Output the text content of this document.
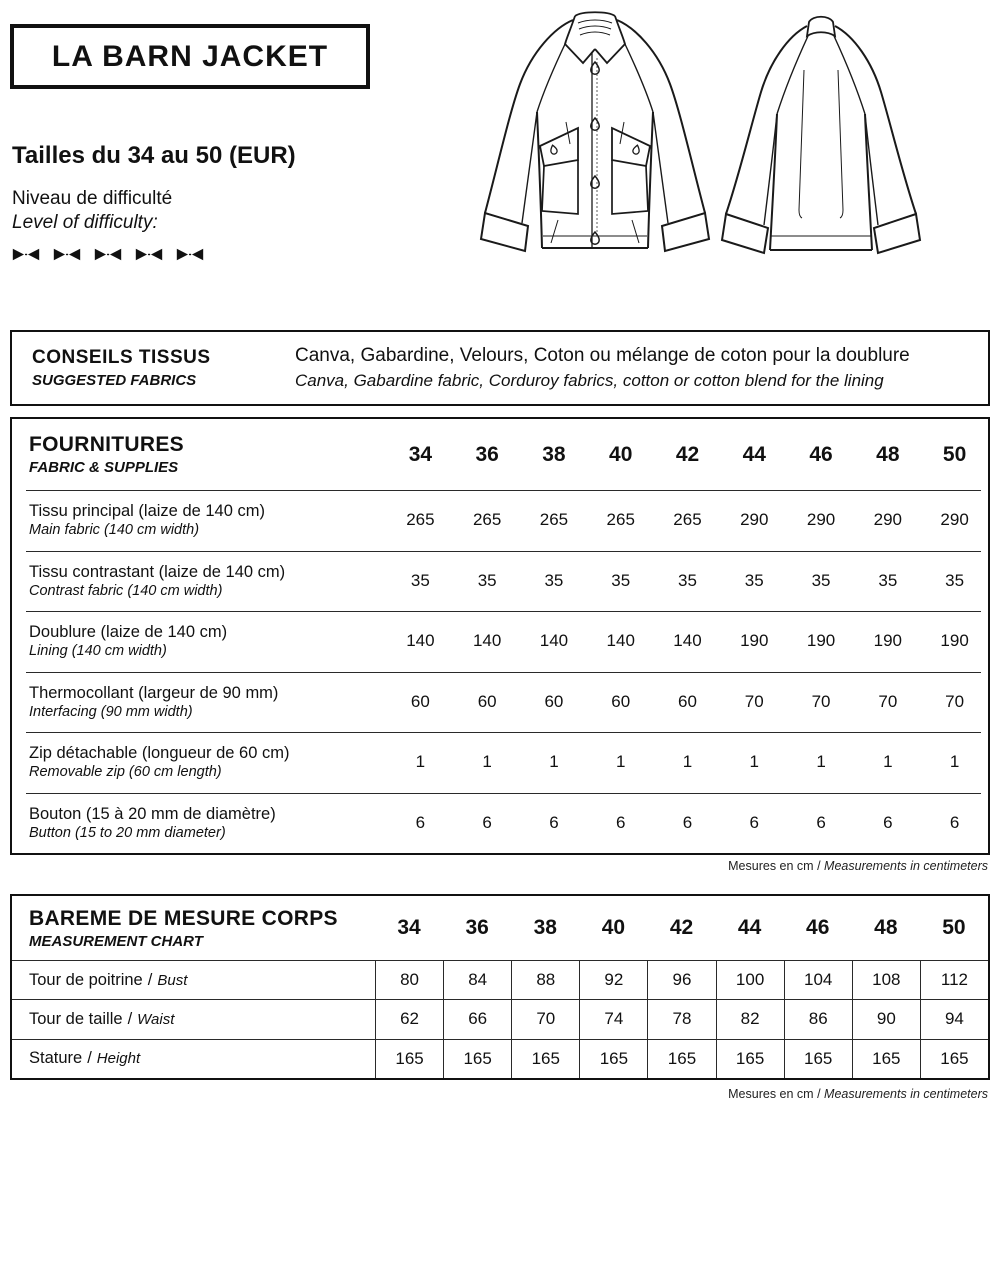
LA BARN JACKET
Tailles du 34 au 50 (EUR)
Niveau de difficulté
Level of difficulty:
CONSEILS TISSUS
SUGGESTED FABRICS
Canva, Gabardine, Velours, Coton ou mélange de coton pour la doublure
Canva, Gabardine fabric, Corduroy fabrics, cotton or cotton blend for the lining
FOURNITURES
FABRIC & SUPPLIES
34	36	38	40	42	44	46	48	50
Tissu principal (laize de 140 cm)
Main fabric (140 cm width)
265	265	265	265	265	290	290	290	290
Tissu contrastant (laize de 140 cm)
Contrast fabric (140 cm width)
35	35	35	35	35	35	35	35	35
Doublure (laize de 140 cm)
Lining (140 cm width)
140	140	140	140	140	190	190	190	190
Thermocollant (largeur de 90 mm)
Interfacing (90 mm width)
60	60	60	60	60	70	70	70	70
Zip détachable (longueur de 60 cm)
Removable zip (60 cm length)
1	1	1	1	1	1	1	1	1
Bouton (15 à 20 mm de diamètre)
Button (15 to 20 mm diameter)
6	6	6	6	6	6	6	6	6
Mesures en cm / Measurements in centimeters
BAREME DE MESURE CORPS
MEASUREMENT CHART
34	36	38	40	42	44	46	48	50
Tour de poitrine / Bust	80	84	88	92	96	100	104	108	112
Tour de taille / Waist	62	66	70	74	78	82	86	90	94
Stature / Height	165	165	165	165	165	165	165	165	165
Mesures en cm / Measurements in centimeters
